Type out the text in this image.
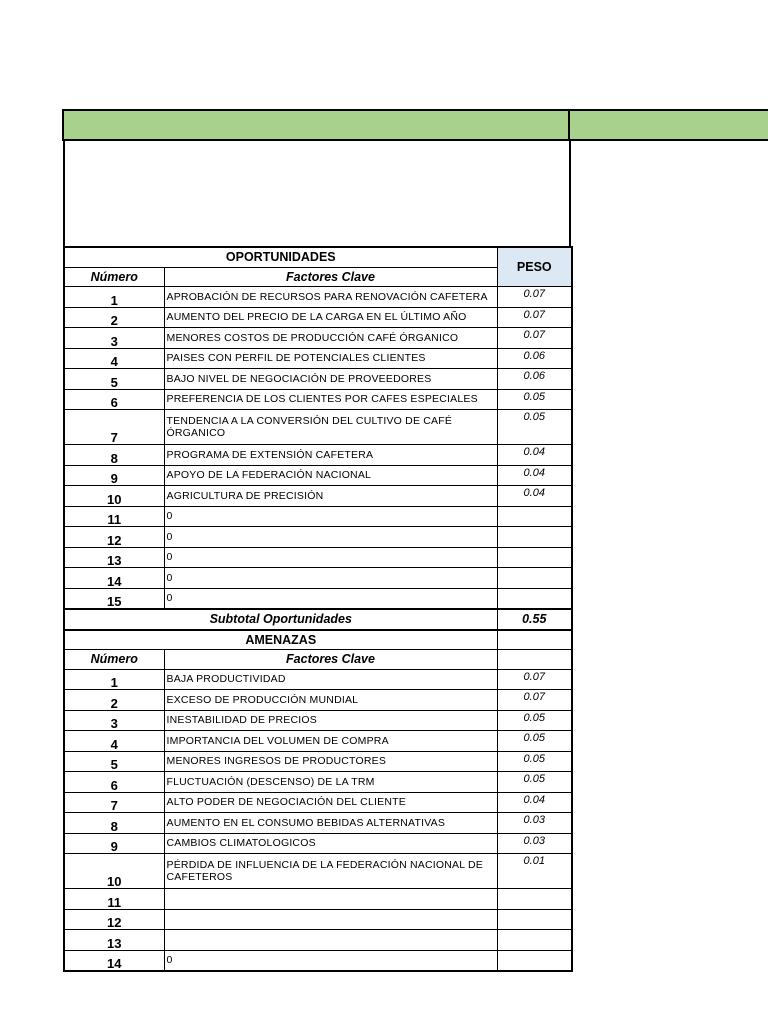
OPORTUNIDADES		PESO
Número	Factores Clave	
1	APROBACIÓN DE RECURSOS PARA RENOVACIÓN CAFETERA	0.07
2	AUMENTO DEL PRECIO DE LA CARGA EN EL ÚLTIMO AÑO	0.07
3	MENORES COSTOS DE PRODUCCIÓN CAFÉ ÓRGANICO	0.07
4	PAISES CON PERFIL DE POTENCIALES CLIENTES	0.06
5	BAJO NIVEL DE NEGOCIACIÓN DE PROVEEDORES	0.06
6	PREFERENCIA DE LOS CLIENTES POR CAFES ESPECIALES	0.05
7	TENDENCIA A LA CONVERSIÓN DEL CULTIVO DE CAFÉ ÓRGANICO	0.05
8	PROGRAMA DE EXTENSIÓN CAFETERA	0.04
9	APOYO DE LA FEDERACIÓN NACIONAL	0.04
10	AGRICULTURA DE PRECISIÓN	0.04
11	0	
12	0	
13	0	
14	0	
15	0	
Subtotal Oportunidades		0.55
AMENAZAS		
Número	Factores Clave	
1	BAJA PRODUCTIVIDAD	0.07
2	EXCESO DE PRODUCCIÓN MUNDIAL	0.07
3	INESTABILIDAD DE PRECIOS	0.05
4	IMPORTANCIA DEL VOLUMEN DE COMPRA	0.05
5	MENORES INGRESOS DE PRODUCTORES	0.05
6	FLUCTUACIÓN (DESCENSO) DE LA TRM	0.05
7	ALTO PODER DE NEGOCIACIÓN DEL CLIENTE	0.04
8	AUMENTO EN EL CONSUMO BEBIDAS ALTERNATIVAS	0.03
9	CAMBIOS CLIMATOLOGICOS	0.03
10	PÉRDIDA DE INFLUENCIA DE LA FEDERACIÓN NACIONAL DE CAFETEROS	0.01
11		
12		
13		
14	0	
